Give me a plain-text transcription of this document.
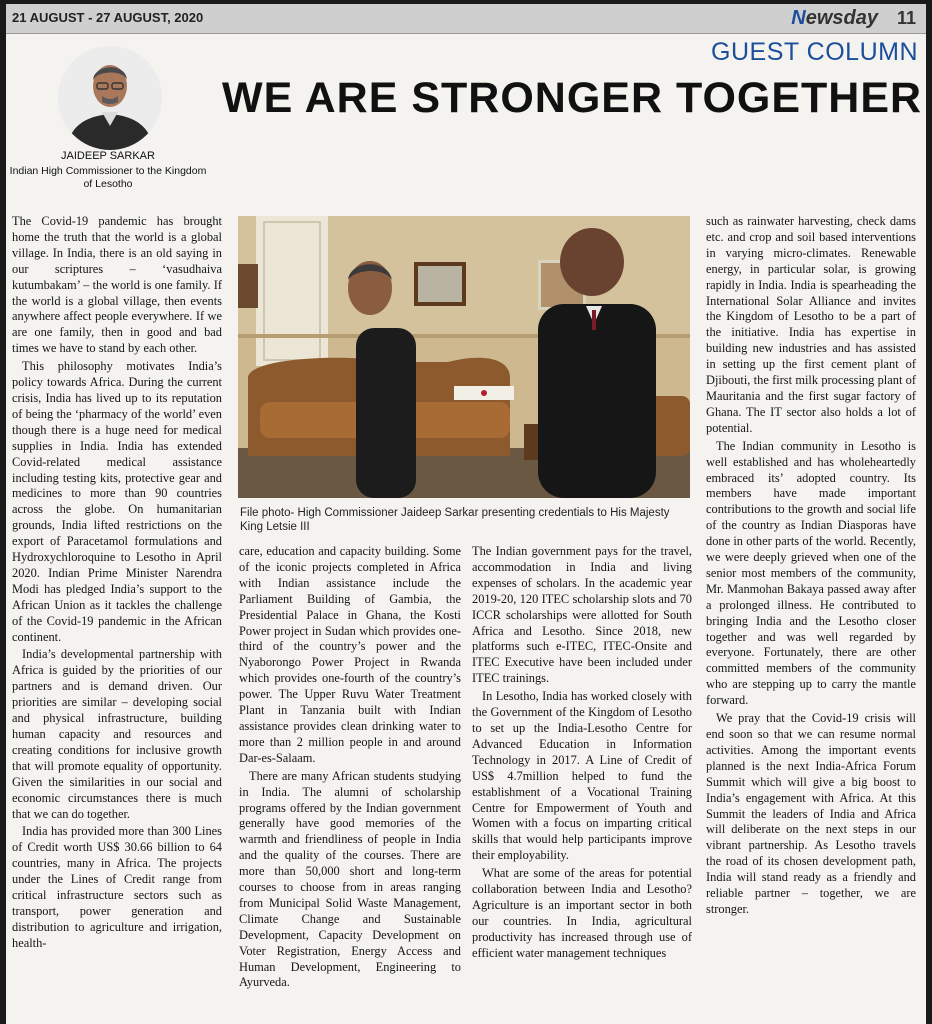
21 AUGUST - 27 AUGUST, 2020	Newsday 11
GUEST COLUMN
WE ARE STRONGER TOGETHER
JAIDEEP SARKAR
Indian High Commissioner to the Kingdom of Lesotho

The Covid-19 pandemic has brought home the truth that the world is a global village. In India, there is an old saying in our scriptures – ‘vasudhaiva kutumbakam’ – the world is one family. If the world is a global village, then events anywhere affect people everywhere. If we are one family, then in good and bad times we have to stand by each other.

This philosophy motivates India’s policy towards Africa. During the current crisis, India has lived up to its reputation of being the ‘pharmacy of the world’ even though there is a huge need for medical supplies in India. India has extended Covid-related medical assistance including testing kits, protective gear and medicines to more than 90 countries across the globe. On humanitarian grounds, India lifted restrictions on the export of Paracetamol formulations and Hydroxychloroquine to Lesotho in April 2020. Indian Prime Minister Narendra Modi has pledged India’s support to the African Union as it tackles the challenge of the Covid-19 pandemic in the African continent.

India’s developmental partnership with Africa is guided by the priorities of our partners and is demand driven. Our priorities are similar – developing social and physical infrastructure, building human capacity and resources and creating conditions for inclusive growth that will promote equality of opportunity. Given the similarities in our social and economic circumstances there is much that we can do together.

India has provided more than 300 Lines of Credit worth US$ 30.66 billion to 64 countries, many in Africa. The projects under the Lines of Credit range from critical infrastructure sectors such as transport, power generation and distribution to agriculture and irrigation, health-

File photo- High Commissioner Jaideep Sarkar presenting credentials to His Majesty King Letsie III

care, education and capacity building. Some of the iconic projects completed in Africa with Indian assistance include the Parliament Building of Gambia, the Presidential Palace in Ghana, the Kosti Power project in Sudan which provides one-third of the country’s power and the Nyaborongo Power Project in Rwanda which provides one-fourth of the country’s power. The Upper Ruvu Water Treatment Plant in Tanzania built with Indian assistance provides clean drinking water to more than 2 million people in and around Dar-es-Salaam.

There are many African students studying in India. The alumni of scholarship programs offered by the Indian government generally have good memories of the warmth and friendliness of people in India and the quality of the courses. There are more than 50,000 short and long-term courses to choose from in areas ranging from Municipal Solid Waste Management, Climate Change and Sustainable Development, Capacity Development on Voter Registration, Energy Access and Human Development, Engineering to Ayurveda.

The Indian government pays for the travel, accommodation in India and living expenses of scholars. In the academic year 2019-20, 120 ITEC scholarship slots and 70 ICCR scholarships were allotted for South Africa and Lesotho. Since 2018, new platforms such e-ITEC, ITEC-Onsite and ITEC Executive have been included under ITEC trainings.

In Lesotho, India has worked closely with the Government of the Kingdom of Lesotho to set up the India-Lesotho Centre for Advanced Education in Information Technology in 2017. A Line of Credit of US$ 4.7million helped to fund the establishment of a Vocational Training Centre for Empowerment of Youth and Women with a focus on imparting critical skills that would help participants improve their employability.

What are some of the areas for potential collaboration between India and Lesotho? Agriculture is an important sector in both our countries. In India, agricultural productivity has increased through use of efficient water management techniques

such as rainwater harvesting, check dams etc. and crop and soil based interventions in varying micro-climates. Renewable energy, in particular solar, is growing rapidly in India. India is spearheading the International Solar Alliance and invites the Kingdom of Lesotho to be a part of the initiative. India has expertise in building new industries and has assisted in setting up the first cement plant of Djibouti, the first milk processing plant of Mauritania and the first sugar factory of Ghana. The IT sector also holds a lot of potential.

The Indian community in Lesotho is well established and has wholeheartedly embraced its’ adopted country. Its members have made important contributions to the growth and social life of the country as Indian Diasporas have done in other parts of the world. Recently, we were deeply grieved when one of the senior most members of the community, Mr. Manmohan Bakaya passed away after a prolonged illness. He contributed to bringing India and the Lesotho closer together and was well regarded by everyone. Fortunately, there are other committed members of the community who are stepping up to carry the mantle forward.

We pray that the Covid-19 crisis will end soon so that we can resume normal activities. Among the important events planned is the next India-Africa Forum Summit which will give a big boost to India’s engagement with Africa. At this Summit the leaders of India and Africa will deliberate on the next steps in our vibrant partnership. As Lesotho travels the road of its chosen development path, India will stand ready as a friendly and reliable partner – together, we are stronger.
